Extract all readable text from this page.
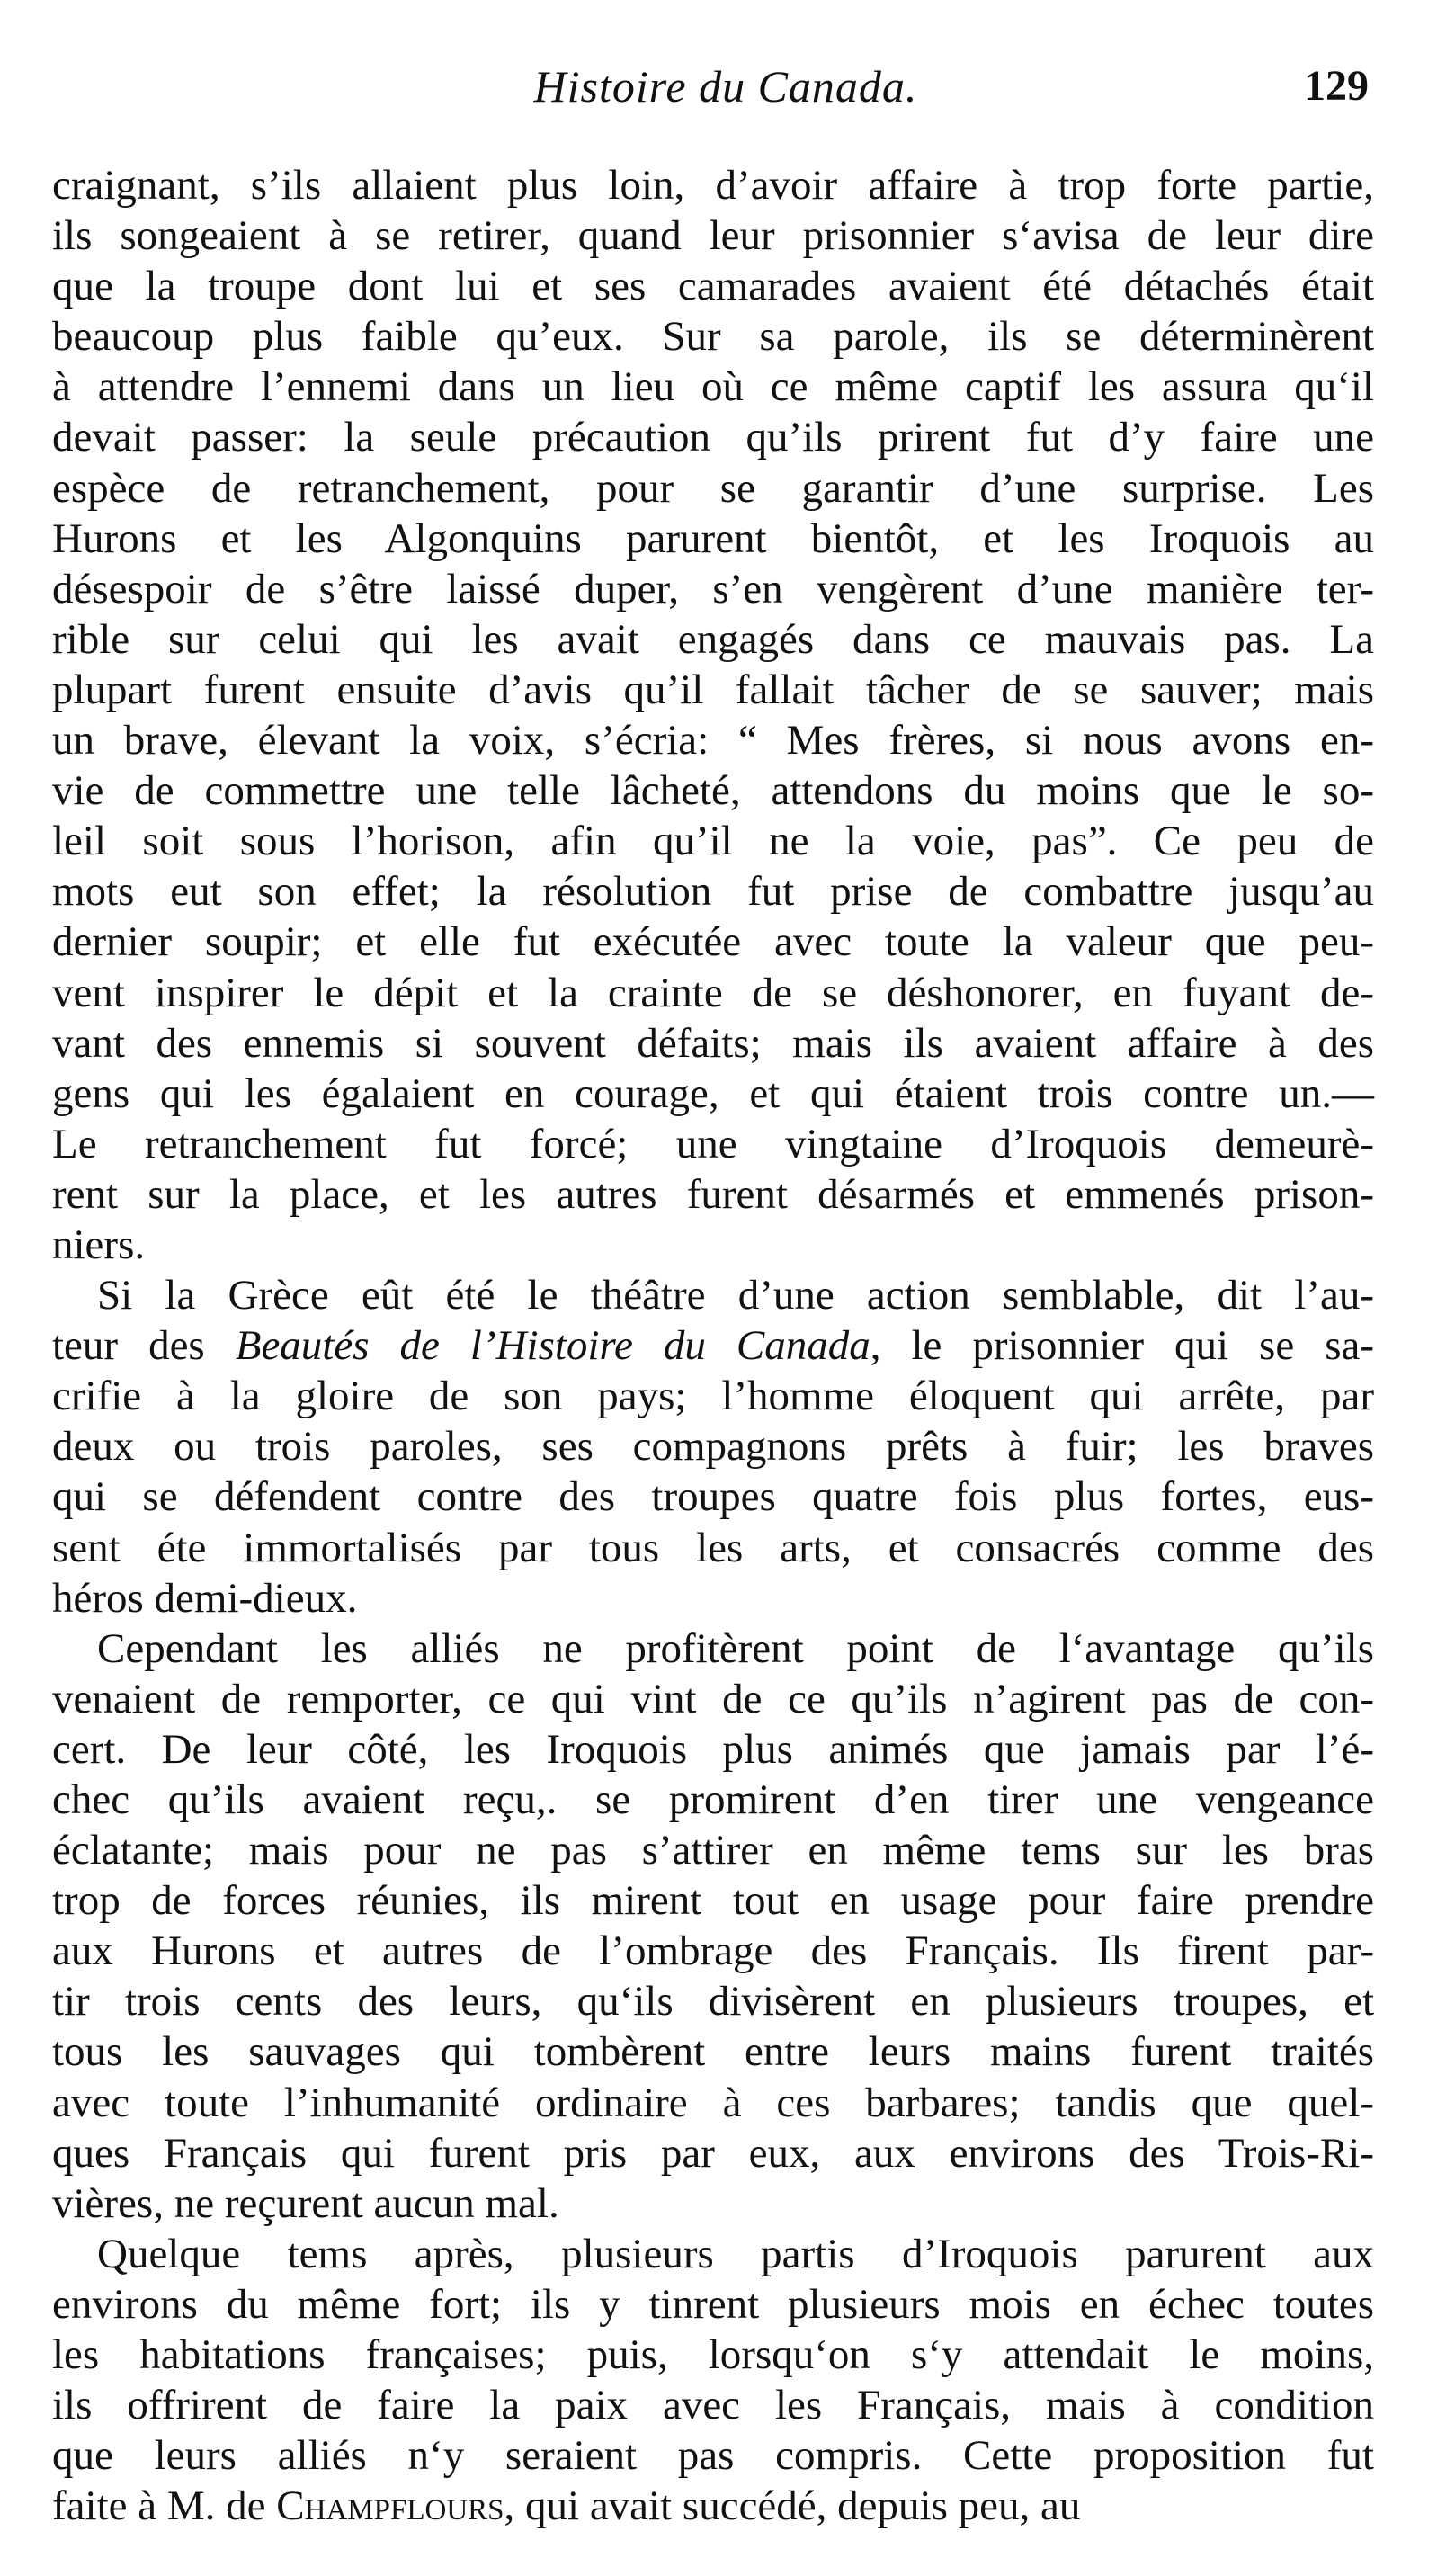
Histoire du Canada.	129
craignant, s’ils allaient plus loin, d’avoir affaire à trop forte partie,
ils songeaient à se retirer, quand leur prisonnier s‘avisa de leur dire
que la troupe dont lui et ses camarades avaient été détachés était
beaucoup plus faible qu’eux. Sur sa parole, ils se déterminèrent
à attendre l’ennemi dans un lieu où ce même captif les assura qu‘il
devait passer: la seule précaution qu’ils prirent fut d’y faire une
espèce de retranchement, pour se garantir d’une surprise. Les
Hurons et les Algonquins parurent bientôt, et les Iroquois au
désespoir de s’être laissé duper, s’en vengèrent d’une manière ter-
rible sur celui qui les avait engagés dans ce mauvais pas. La
plupart furent ensuite d’avis qu’il fallait tâcher de se sauver; mais
un brave, élevant la voix, s’écria: “ Mes frères, si nous avons en-
vie de commettre une telle lâcheté, attendons du moins que le so-
leil soit sous l’horison, afin qu’il ne la voie, pas”. Ce peu de
mots eut son effet; la résolution fut prise de combattre jusqu’au
dernier soupir; et elle fut exécutée avec toute la valeur que peu-
vent inspirer le dépit et la crainte de se déshonorer, en fuyant de-
vant des ennemis si souvent défaits; mais ils avaient affaire à des
gens qui les égalaient en courage, et qui étaient trois contre un.—
Le retranchement fut forcé; une vingtaine d’Iroquois demeurè-
rent sur la place, et les autres furent désarmés et emmenés prison-
niers.
Si la Grèce eût été le théâtre d’une action semblable, dit l’au-
teur des Beautés de l’Histoire du Canada, le prisonnier qui se sa-
crifie à la gloire de son pays; l’homme éloquent qui arrête, par
deux ou trois paroles, ses compagnons prêts à fuir; les braves
qui se défendent contre des troupes quatre fois plus fortes, eus-
sent éte immortalisés par tous les arts, et consacrés comme des
héros demi-dieux.
Cependant les alliés ne profitèrent point de l‘avantage qu’ils
venaient de remporter, ce qui vint de ce qu’ils n’agirent pas de con-
cert. De leur côté, les Iroquois plus animés que jamais par l’é-
chec qu’ils avaient reçu,. se promirent d’en tirer une vengeance
éclatante; mais pour ne pas s’attirer en même tems sur les bras
trop de forces réunies, ils mirent tout en usage pour faire prendre
aux Hurons et autres de l’ombrage des Français. Ils firent par-
tir trois cents des leurs, qu‘ils divisèrent en plusieurs troupes, et
tous les sauvages qui tombèrent entre leurs mains furent traités
avec toute l’inhumanité ordinaire à ces barbares; tandis que quel-
ques Français qui furent pris par eux, aux environs des Trois-Ri-
vières, ne reçurent aucun mal.
Quelque tems après, plusieurs partis d’Iroquois parurent aux
environs du même fort; ils y tinrent plusieurs mois en échec toutes
les habitations françaises; puis, lorsqu‘on s‘y attendait le moins,
ils offrirent de faire la paix avec les Français, mais à condition
que leurs alliés n‘y seraient pas compris. Cette proposition fut
faite à M. de Champflours, qui avait succédé, depuis peu, au
